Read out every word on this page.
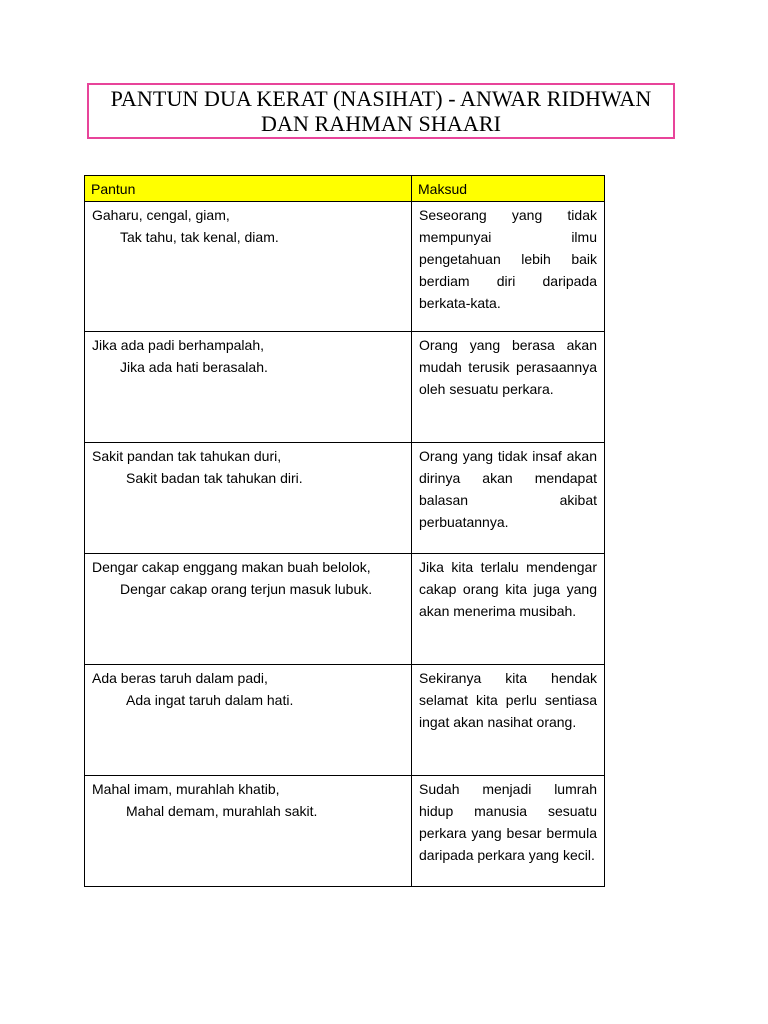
PANTUN DUA KERAT (NASIHAT) - ANWAR RIDHWAN DAN RAHMAN SHAARI
Pantun	Maksud

Gaharu, cengal, giam,
Tak tahu, tak kenal, diam.	Seseorang yang tidak mempunyai ilmu pengetahuan lebih baik berdiam diri daripada berkata-kata.

Jika ada padi berhampalah,
Jika ada hati berasalah.	Orang yang berasa akan mudah terusik perasaannya oleh sesuatu perkara.

Sakit pandan tak tahukan duri,
Sakit badan tak tahukan diri.	Orang yang tidak insaf akan dirinya akan mendapat balasan akibat perbuatannya.

Dengar cakap enggang makan buah belolok,
Dengar cakap orang terjun masuk lubuk.	Jika kita terlalu mendengar cakap orang kita juga yang akan menerima musibah.

Ada beras taruh dalam padi,
Ada ingat taruh dalam hati.	Sekiranya kita hendak selamat kita perlu sentiasa ingat akan nasihat orang.

Mahal imam, murahlah khatib,
Mahal demam, murahlah sakit.	Sudah menjadi lumrah hidup manusia sesuatu perkara yang besar bermula daripada perkara yang kecil.
